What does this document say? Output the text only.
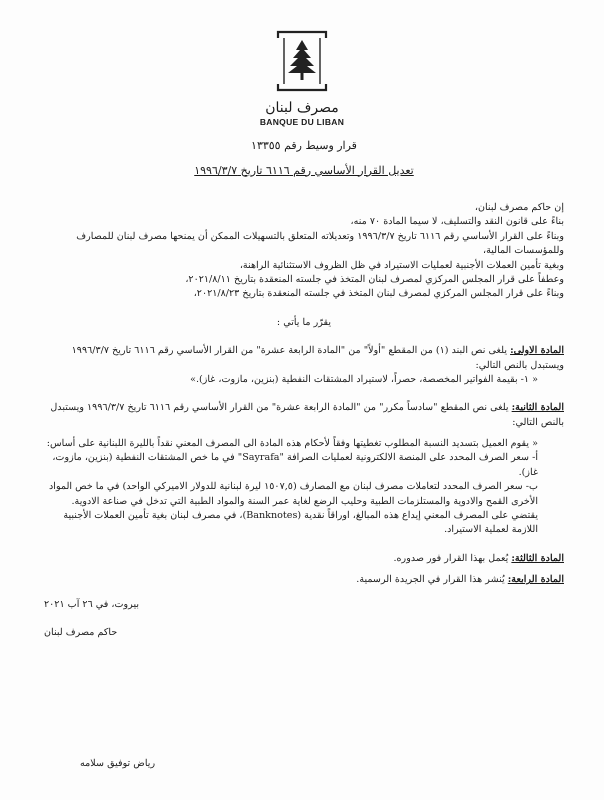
مصرف لبنان
BANQUE DU LIBAN
قرار وسيط رقم ١٣٣٥٥
تعديل القرار الأساسي رقم ٦١١٦ تاريخ ١٩٩٦/٣/٧

إن حاكم مصرف لبنان،

بناءً على قانون النقد والتسليف، لا سيما المادة ٧٠ منه،

وبناءً على القرار الأساسي رقم ٦١١٦ تاريخ ١٩٩٦/٣/٧ وتعديلاته المتعلق بالتسهيلات الممكن أن يمنحها مصرف لبنان للمصارف وللمؤسسات المالية،

وبغية تأمين العملات الأجنبية لعمليات الاستيراد في ظل الظروف الاستثنائية الراهنة،

وعطفاً على قرار المجلس المركزي لمصرف لبنان المتخذ في جلسته المنعقدة بتاريخ ٢٠٢١/٨/١١،

وبناءً على قرار المجلس المركزي لمصرف لبنان المتخذ في جلسته المنعقدة بتاريخ ٢٠٢١/٨/٢٣،

يقرّر ما يأتي :

المادة الاولى: يلغى نص البند (١) من المقطع "أولاً" من "المادة الرابعة عشرة" من القرار الأساسي رقم ٦١١٦ تاريخ ١٩٩٦/٣/٧ ويستبدل بالنص التالي:

« ١- بقيمة الفواتير المخصصة، حصراً، لاستيراد المشتقات النفطية (بنزين، مازوت، غاز).»

المادة الثانية: يلغى نص المقطع "سادساً مكرر" من "المادة الرابعة عشرة" من القرار الأساسي رقم ٦١١٦ تاريخ ١٩٩٦/٣/٧ ويستبدل بالنص التالي:

« يقوم العميل بتسديد النسبة المطلوب تغطيتها وفقاً لأحكام هذه المادة الى المصرف المعني نقداً بالليرة اللبنانية على أساس:

أ- سعر الصرف المحدد على المنصة الالكترونية لعمليات الصرافة "Sayrafa" في ما خص المشتقات النفطية (بنزين، مازوت، غاز).

ب- سعر الصرف المحدد لتعاملات مصرف لبنان مع المصارف (١٥٠٧,٥ ليرة لبنانية للدولار الاميركي الواحد) في ما خص المواد الأخرى القمح والادوية والمستلزمات الطبية وحليب الرضع لغاية عمر السنة والمواد الطبية التي تدخل في صناعة الادوية.

يقتضي على المصرف المعني إيداع هذه المبالغ، اوراقاً نقدية (Banknotes)، في مصرف لبنان بغية تأمين العملات الأجنبية اللازمة لعملية الاستيراد.

المادة الثالثة: يُعمل بهذا القرار فور صدوره.

المادة الرابعة: يُنشر هذا القرار في الجريدة الرسمية.

بيروت، في ٢٦ آب ٢٠٢١

حاكم مصرف لبنان

رياض توفيق سلامه
